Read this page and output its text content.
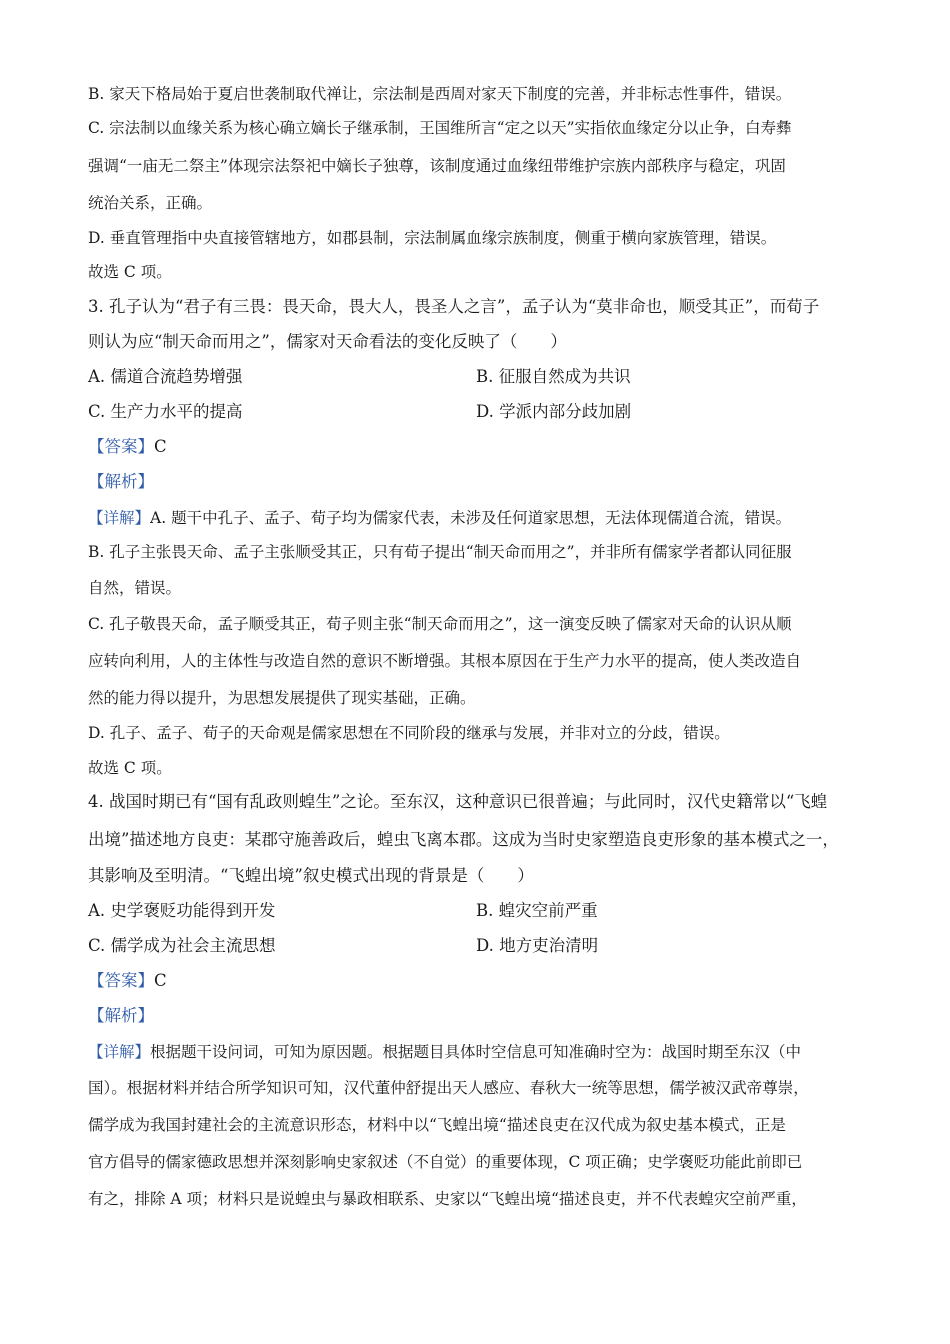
B. 家天下格局始于夏启世袭制取代禅让，宗法制是西周对家天下制度的完善，并非标志性事件，错误。
C. 宗法制以血缘关系为核心确立嫡长子继承制，王国维所言“定之以天”实指依血缘定分以止争，白寿彝
强调“一庙无二祭主”体现宗法祭祀中嫡长子独尊，该制度通过血缘纽带维护宗族内部秩序与稳定，巩固
统治关系，正确。
D. 垂直管理指中央直接管辖地方，如郡县制，宗法制属血缘宗族制度，侧重于横向家族管理，错误。
故选 C 项。
3. 孔子认为“君子有三畏：畏天命，畏大人，畏圣人之言”，孟子认为“莫非命也，顺受其正”，而荀子
则认为应“制天命而用之”，儒家对天命看法的变化反映了（　　）
A. 儒道合流趋势增强	B. 征服自然成为共识
C. 生产力水平的提高	D. 学派内部分歧加剧
【答案】C
【解析】
【详解】A. 题干中孔子、孟子、荀子均为儒家代表，未涉及任何道家思想，无法体现儒道合流，错误。
B. 孔子主张畏天命、孟子主张顺受其正，只有荀子提出“制天命而用之”，并非所有儒家学者都认同征服
自然，错误。
C. 孔子敬畏天命，孟子顺受其正，荀子则主张“制天命而用之”，这一演变反映了儒家对天命的认识从顺
应转向利用，人的主体性与改造自然的意识不断增强。其根本原因在于生产力水平的提高，使人类改造自
然的能力得以提升，为思想发展提供了现实基础，正确。
D. 孔子、孟子、荀子的天命观是儒家思想在不同阶段的继承与发展，并非对立的分歧，错误。
故选 C 项。
4. 战国时期已有“国有乱政则蝗生”之论。至东汉，这种意识已很普遍；与此同时，汉代史籍常以“飞蝗
出境”描述地方良吏：某郡守施善政后，蝗虫飞离本郡。这成为当时史家塑造良吏形象的基本模式之一，
其影响及至明清。“飞蝗出境”叙史模式出现的背景是（　　）
A. 史学褒贬功能得到开发	B. 蝗灾空前严重
C. 儒学成为社会主流思想	D. 地方吏治清明
【答案】C
【解析】
【详解】根据题干设问词，可知为原因题。根据题目具体时空信息可知准确时空为：战国时期至东汉（中
国）。根据材料并结合所学知识可知，汉代董仲舒提出天人感应、春秋大一统等思想，儒学被汉武帝尊崇，
儒学成为我国封建社会的主流意识形态，材料中以“飞蝗出境“描述良吏在汉代成为叙史基本模式，正是
官方倡导的儒家德政思想并深刻影响史家叙述（不自觉）的重要体现，C 项正确；史学褒贬功能此前即已
有之，排除 A 项；材料只是说蝗虫与暴政相联系、史家以“飞蝗出境“描述良吏，并不代表蝗灾空前严重，
